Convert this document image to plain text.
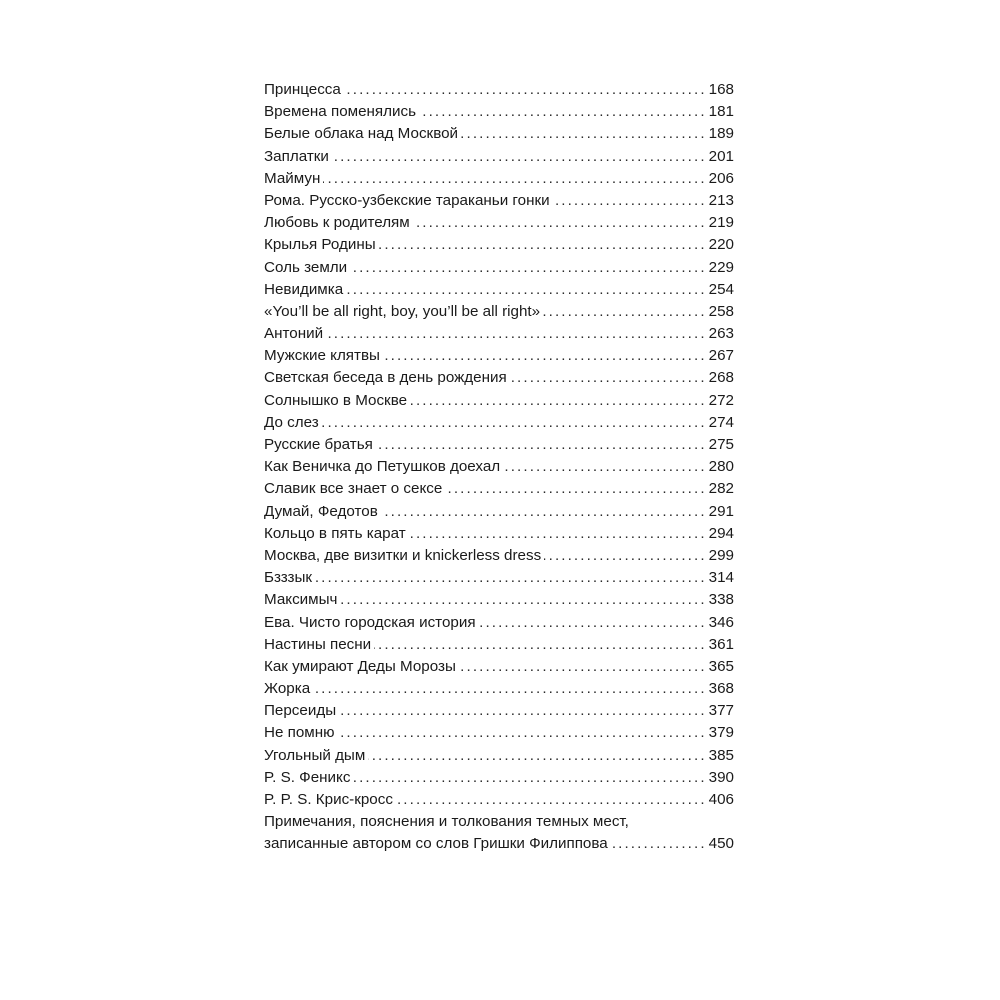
Принцесса .....	168
Времена поменялись .....	181
Белые облака над Москвой .....	189
Заплатки .....	201
Маймун .....	206
Рома. Русско-узбекские тараканьи гонки .....	213
Любовь к родителям .....	219
Крылья Родины .....	220
Соль земли .....	229
Невидимка .....	254
«You’ll be all right, boy, you’ll be all right» .....	258
Антоний .....	263
Мужские клятвы .....	267
Светская беседа в день рождения .....	268
Солнышко в Москве .....	272
До слез .....	274
Русские братья .....	275
Как Веничка до Петушков доехал .....	280
Славик все знает о сексе .....	282
Думай, Федотов .....	291
Кольцо в пять карат .....	294
Москва, две визитки и knickerless dress .....	299
Бзззык .....	314
Максимыч .....	338
Ева. Чисто городская история .....	346
Настины песни .....	361
Как умирают Деды Морозы .....	365
Жорка .....	368
Персеиды .....	377
Не помню .....	379
Угольный дым .....	385
P. S. Феникс .....	390
P. P. S. Крис-кросс .....	406
Примечания, пояснения и толкования темных мест,
записанные автором со слов Гришки Филиппова .....	450
